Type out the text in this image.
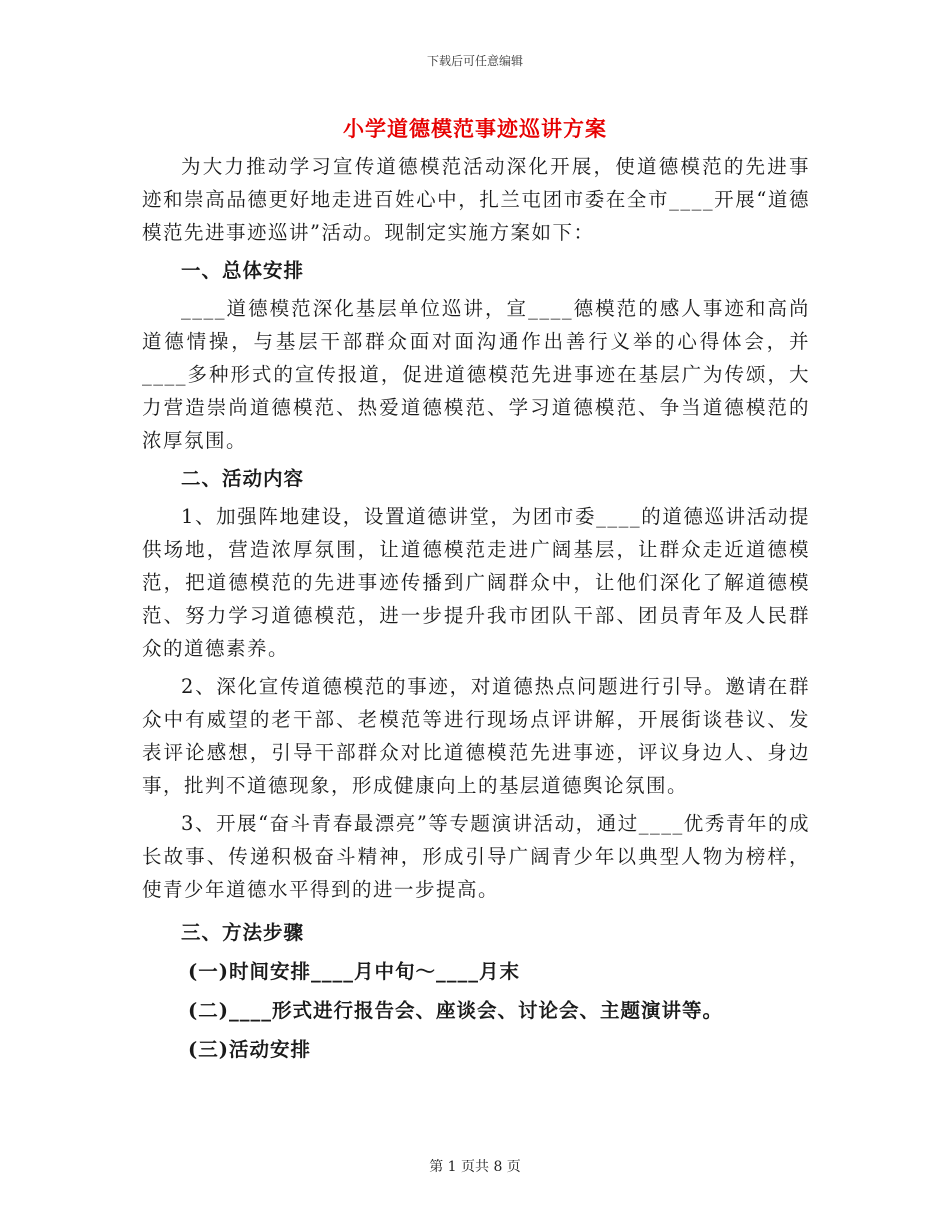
下载后可任意编辑
小学道德模范事迹巡讲方案

为大力推动学习宣传道德模范活动深化开展，使道德模范的先进事迹和崇高品德更好地走进百姓心中，扎兰屯团市委在全市____开展“道德模范先进事迹巡讲”活动。现制定实施方案如下：

一、总体安排

____道德模范深化基层单位巡讲，宣____德模范的感人事迹和高尚道德情操，与基层干部群众面对面沟通作出善行义举的心得体会，并____多种形式的宣传报道，促进道德模范先进事迹在基层广为传颂，大力营造崇尚道德模范、热爱道德模范、学习道德模范、争当道德模范的浓厚氛围。

二、活动内容

1、加强阵地建设，设置道德讲堂，为团市委____的道德巡讲活动提供场地，营造浓厚氛围，让道德模范走进广阔基层，让群众走近道德模范，把道德模范的先进事迹传播到广阔群众中，让他们深化了解道德模范、努力学习道德模范，进一步提升我市团队干部、团员青年及人民群众的道德素养。

2、深化宣传道德模范的事迹，对道德热点问题进行引导。邀请在群众中有威望的老干部、老模范等进行现场点评讲解，开展街谈巷议、发表评论感想，引导干部群众对比道德模范先进事迹，评议身边人、身边事，批判不道德现象，形成健康向上的基层道德舆论氛围。

3、开展“奋斗青春最漂亮”等专题演讲活动，通过____优秀青年的成长故事、传递积极奋斗精神，形成引导广阔青少年以典型人物为榜样，使青少年道德水平得到的进一步提高。

三、方法步骤

(一)时间安排____月中旬～____月末

(二)____形式进行报告会、座谈会、讨论会、主题演讲等。

(三)活动安排

第 1 页共 8 页
